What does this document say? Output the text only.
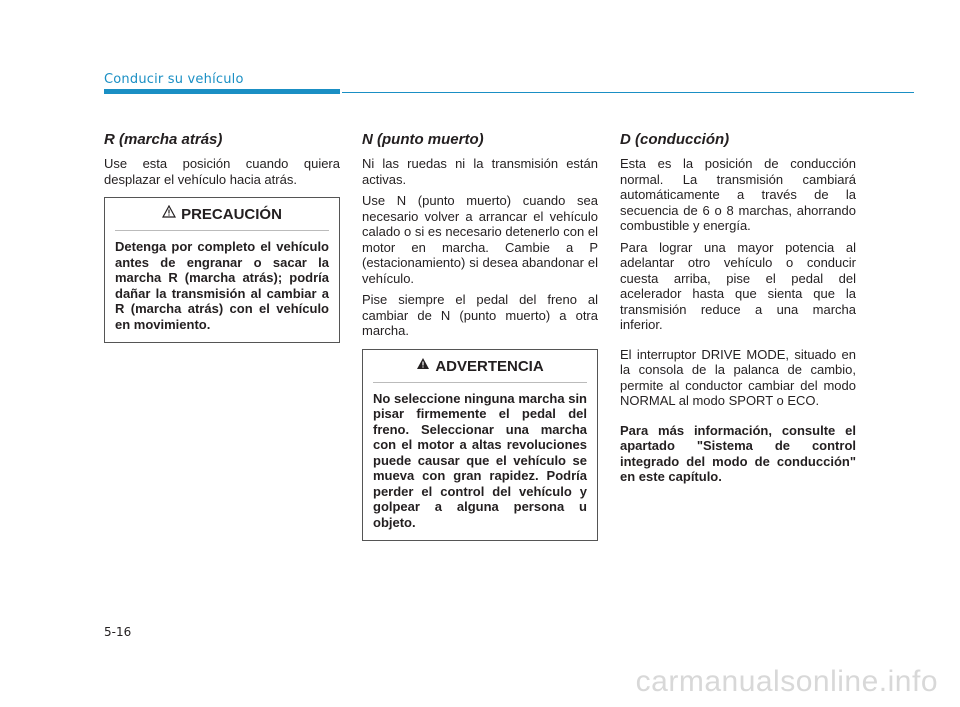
Conducir su vehículo
R (marcha atrás)

Use esta posición cuando quiera desplazar el vehículo hacia atrás.

PRECAUCIÓN
Detenga por completo el vehículo antes de engranar o sacar la marcha R (marcha atrás); podría dañar la transmisión al cambiar a R (marcha atrás) con el vehículo en movimiento.
N (punto muerto)

Ni las ruedas ni la transmisión están activas.

Use N (punto muerto) cuando sea necesario volver a arrancar el vehículo calado o si es necesario detenerlo con el motor en marcha. Cambie a P (estacionamiento) si desea abandonar el vehículo.

Pise siempre el pedal del freno al cambiar de N (punto muerto) a otra marcha.

ADVERTENCIA
No seleccione ninguna marcha sin pisar firmemente el pedal del freno. Seleccionar una marcha con el motor a altas revoluciones puede causar que el vehículo se mueva con gran rapidez. Podría perder el control del vehículo y golpear a alguna persona u objeto.
D (conducción)

Esta es la posición de conducción normal. La transmisión cambiará automáticamente a través de la secuencia de 6 o 8 marchas, ahorrando combustible y energía.

Para lograr una mayor potencia al adelantar otro vehículo o conducir cuesta arriba, pise el pedal del acelerador hasta que sienta que la transmisión reduce a una marcha inferior.

El interruptor DRIVE MODE, situado en la consola de la palanca de cambio, permite al conductor cambiar del modo NORMAL al modo SPORT o ECO.

Para más información, consulte el apartado "Sistema de control integrado del modo de conducción" en este capítulo.

5-16
carmanualsonline.info
